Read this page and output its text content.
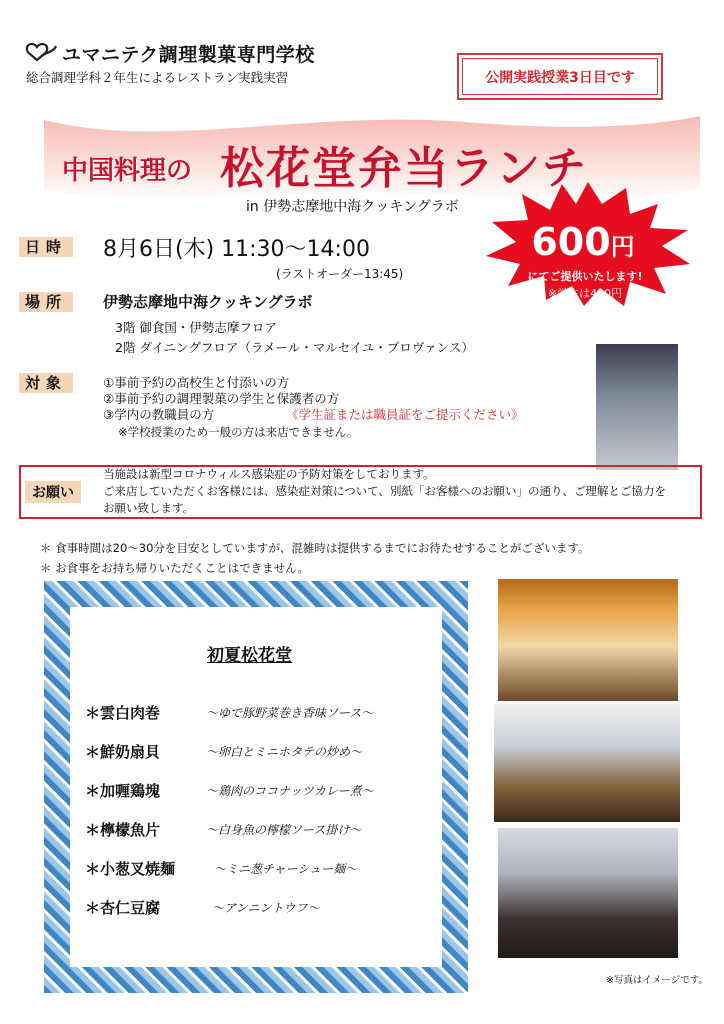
ユマニテク調理製菓専門学校
総合調理学科２年生によるレストラン実践実習	公開実践授業3日目です
中国料理の 松花堂弁当ランチ
in 伊勢志摩地中海クッキングラボ
600円
にてご提供いたします!
※学生は400円
日時 8月6日(木) 11:30〜14:00
(ラストオーダー13:45)
場所	伊勢志摩地中海クッキングラボ
3階 御食国・伊勢志摩フロア
2階 ダイニングフロア（ラメール・マルセイユ・プロヴァンス）
対象	①事前予約の高校生と付添いの方
②事前予約の調理製菓の学生と保護者の方
③学内の教職員の方	《学生証または職員証をご提示ください》
※学校授業のため一般の方は来店できません。
お願い
当施設は新型コロナウィルス感染症の予防対策をしております。
ご来店していただくお客様には、感染症対策について、別紙「お客様へのお願い」の通り、ご理解とご協力を
お願い致します。
＊ 食事時間は20～30分を目安としていますが、混雑時は提供するまでにお待たせすることがございます。
＊ お食事をお持ち帰りいただくことはできません。
初夏松花堂
＊雲白肉巻	〜ゆで豚野菜巻き香味ソース〜
＊鮮奶扇貝	〜卵白とミニホタテの炒め〜
＊加喱鶏塊	〜鶏肉のココナッツカレー煮〜
＊檸檬魚片	〜白身魚の檸檬ソース掛け〜
＊小葱叉焼麺	〜ミニ葱チャーシュー麺〜
＊杏仁豆腐	〜アンニントウフ〜
※写真はイメージです。
